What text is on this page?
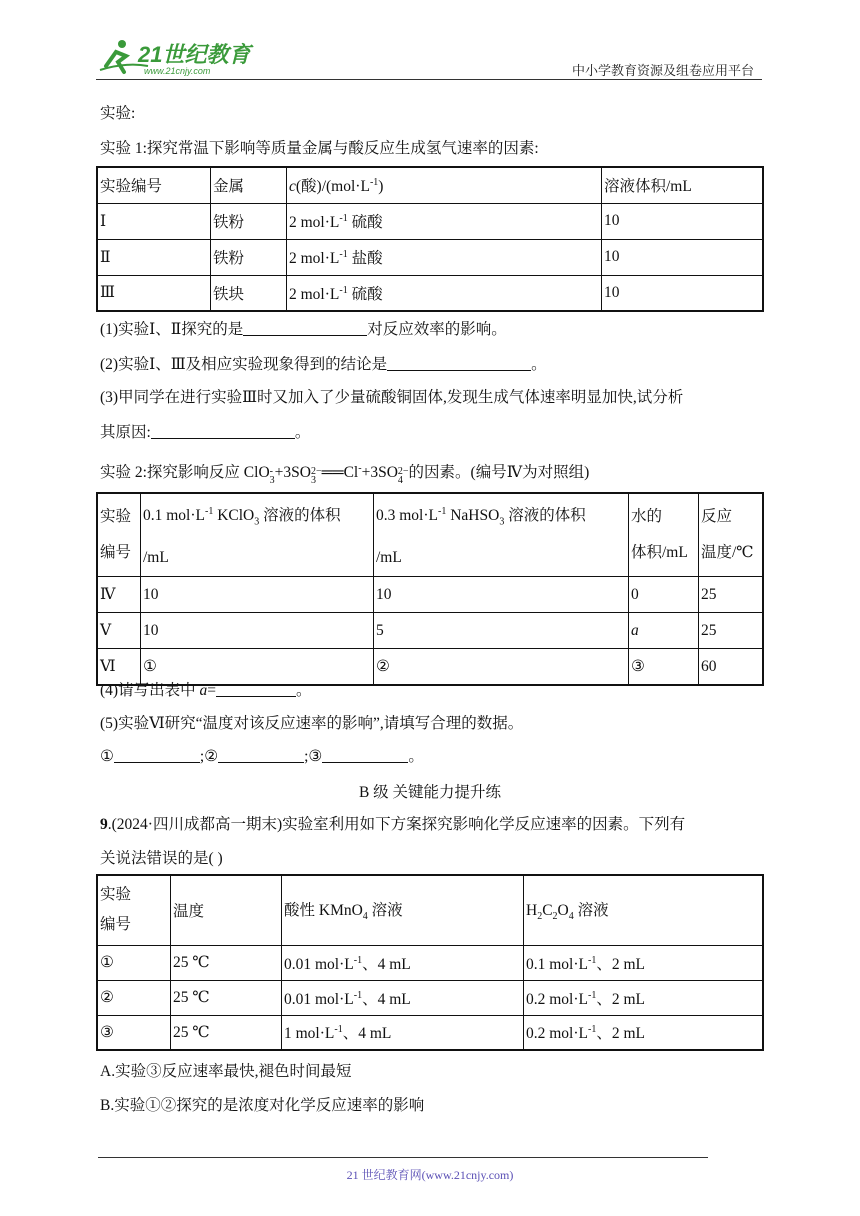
21世纪教育
www.21cnjy.com	中小学教育资源及组卷应用平台
实验:
实验 1:探究常温下影响等质量金属与酸反应生成氢气速率的因素:
实验编号	金属	c(酸)$/(mol\cdot L^{-1})$	溶液体积/mL
Ⅰ	铁粉	2 $mol\cdot L^{-1}$ 硫酸	10
Ⅱ	铁粉	2 $mol\cdot L^{-1}$ 盐酸	10
Ⅲ	铁块	2 $mol\cdot L^{-1}$ 硫酸	10
(1)实验Ⅰ、Ⅱ探究的是	对反应效率的影响。
(2)实验Ⅰ、Ⅲ及相应实验现象得到的结论是	。
(3)甲同学在进行实验Ⅲ时又加入了少量硫酸铜固体,发现生成气体速率明显加快,试分析
其原因:	。
实验 2:探究影响反应 ClO-
3+3SO2−
3 ══Cl-+3SO2−
4 的因素。(编号Ⅳ为对照组)
实验
编号	0.1 $mol\cdot L^{-1}$ KClO$_3$ 溶液的体积
/mL	0.3 $mol\cdot L^{-1}$ NaHSO$_3$ 溶液的体积
/mL	水的
体积/mL	反应
温度/℃
Ⅳ	10	10	0	25
Ⅴ	10	5	a	25
Ⅵ	①	②	③	60
(4)请写出表中 a=	。
(5)实验Ⅵ研究“温度对该反应速率的影响”,请填写合理的数据。
①	;②	;③	。
B 级 关键能力提升练
9.(2024·四川成都高一期末)实验室利用如下方案探究影响化学反应速率的因素。下列有
关说法错误的是( )
实验
编号	温度	酸性 KMnO$_4$ 溶液	$H_2C_2O_4$ 溶液
①	25 ℃	0.01 $mol\cdot L^{-1}$、4 mL	0.1 $mol\cdot L^{-1}$、2 mL
②	25 ℃	0.01 $mol\cdot L^{-1}$、4 mL	0.2 $mol\cdot L^{-1}$、2 mL
③	25 ℃	1 $mol\cdot L^{-1}$、4 mL	0.2 $mol\cdot L^{-1}$、2 mL
A.实验③反应速率最快,褪色时间最短
B.实验①②探究的是浓度对化学反应速率的影响
21 世纪教育网(www.21cnjy.com)
